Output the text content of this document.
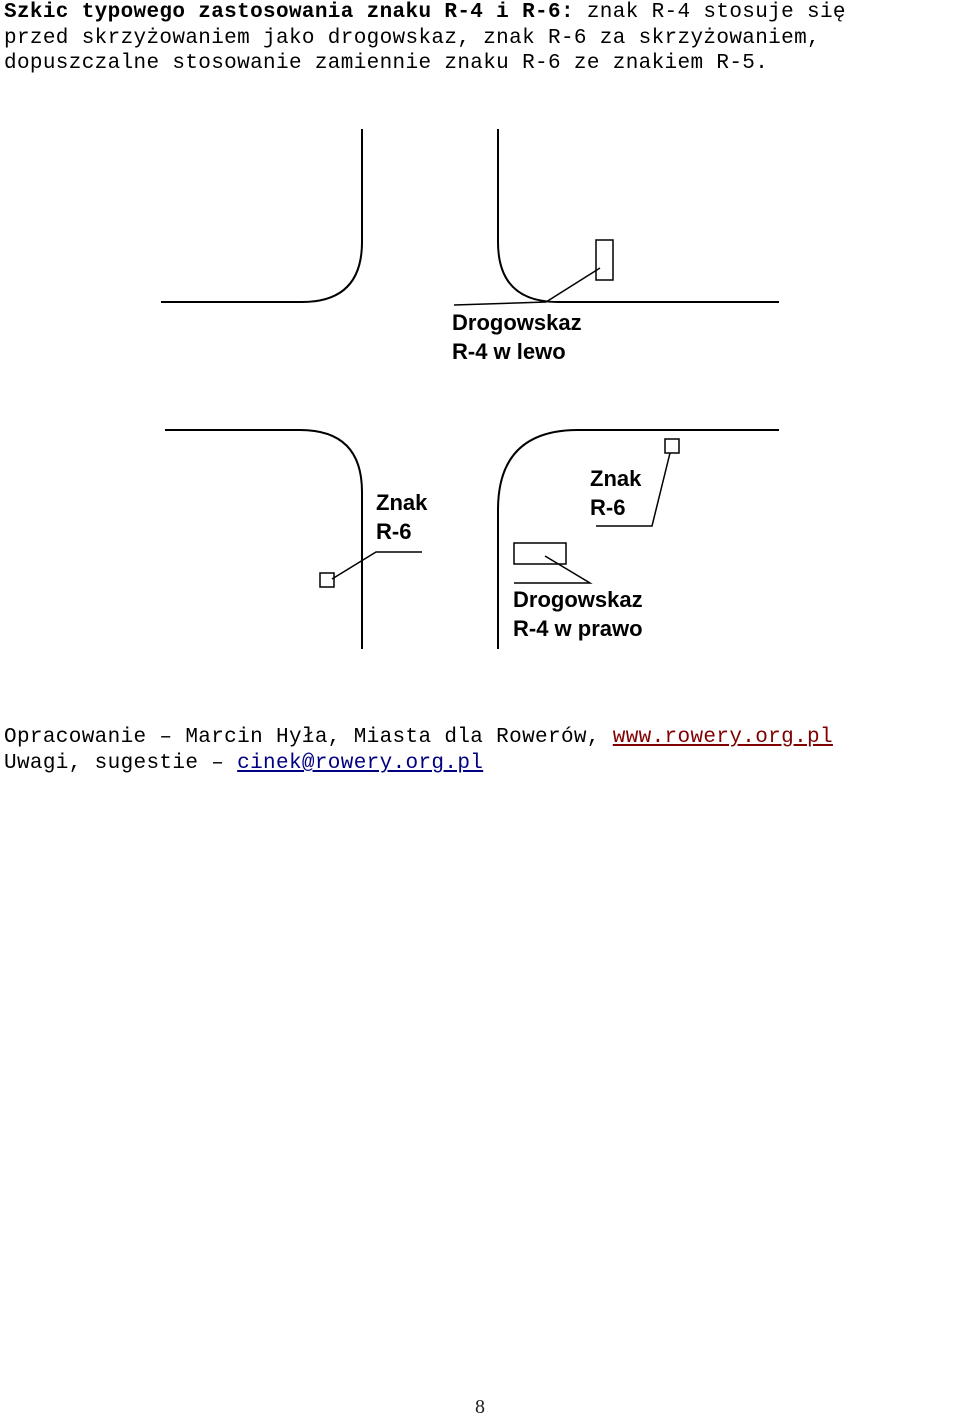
Szkic typowego zastosowania znaku R-4 i R-6: znak R-4 stosuje się
przed skrzyżowaniem jako drogowskaz, znak R-6 za skrzyżowaniem,
dopuszczalne stosowanie zamiennie znaku R-6 ze znakiem R-5.
Drogowskaz
R-4 w lewo
Znak
R-6
Znak
R-6
Drogowskaz
R-4 w prawo
Opracowanie – Marcin Hyła, Miasta dla Rowerów, www.rowery.org.pl
Uwagi, sugestie – cinek@rowery.org.pl
8
